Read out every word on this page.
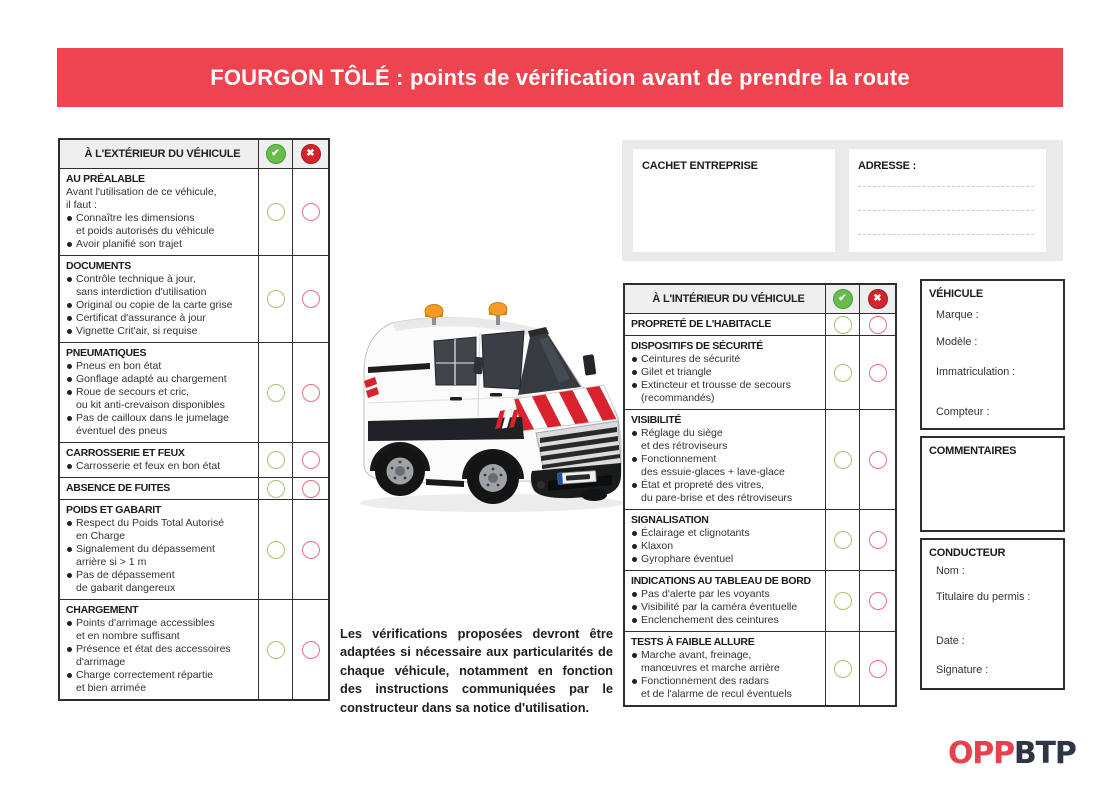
FOURGON TÔLÉ : points de vérification avant de prendre la route
À L'EXTÉRIEUR DU VÉHICULE	✔	✖
AU PRÉALABLE
Avant l'utilisation de ce véhicule,
il faut :
Connaître les dimensions
et poids autorisés du véhicule
Avoir planifié son trajet
DOCUMENTS
Contrôle technique à jour,
sans interdiction d'utilisation
Original ou copie de la carte grise
Certificat d'assurance à jour
Vignette Crit'air, si requise
PNEUMATIQUES
Pneus en bon état
Gonflage adapté au chargement
Roue de secours et cric,
ou kit anti-crevaison disponibles
Pas de cailloux dans le jumelage
éventuel des pneus
CARROSSERIE ET FEUX
Carrosserie et feux en bon état
ABSENCE DE FUITES
POIDS ET GABARIT
Respect du Poids Total Autorisé
en Charge
Signalement du dépassement
arrière si > 1 m
Pas de dépassement
de gabarit dangereux
CHARGEMENT
Points d'arrimage accessibles
et en nombre suffisant
Présence et état des accessoires
d'arrimage
Charge correctement répartie
et bien arrimée

Les vérifications proposées devront être adaptées si nécessaire aux particularités de chaque véhicule, notamment en fonction des instructions communiquées par le constructeur dans sa notice d'utilisation.

CACHET ENTREPRISE	ADRESSE :
À L'INTÉRIEUR DU VÉHICULE	✔	✖
PROPRETÉ DE L'HABITACLE
DISPOSITIFS DE SÉCURITÉ
Ceintures de sécurité
Gilet et triangle
Extincteur et trousse de secours
(recommandés)
VISIBILITÉ
Réglage du siège
et des rétroviseurs
Fonctionnement
des essuie-glaces + lave-glace
État et propreté des vitres,
du pare-brise et des rétroviseurs
SIGNALISATION
Éclairage et clignotants
Klaxon
Gyrophare éventuel
INDICATIONS AU TABLEAU DE BORD
Pas d'alerte par les voyants
Visibilité par la caméra éventuelle
Enclenchement des ceintures
TESTS À FAIBLE ALLURE
Marche avant, freinage,
manœuvres et marche arrière
Fonctionnement des radars
et de l'alarme de recul éventuels
VÉHICULE
Marque :
Modèle :
Immatriculation :
Compteur :
COMMENTAIRES
CONDUCTEUR
Nom :
Titulaire du permis :
Date :
Signature :
OPPBTP
